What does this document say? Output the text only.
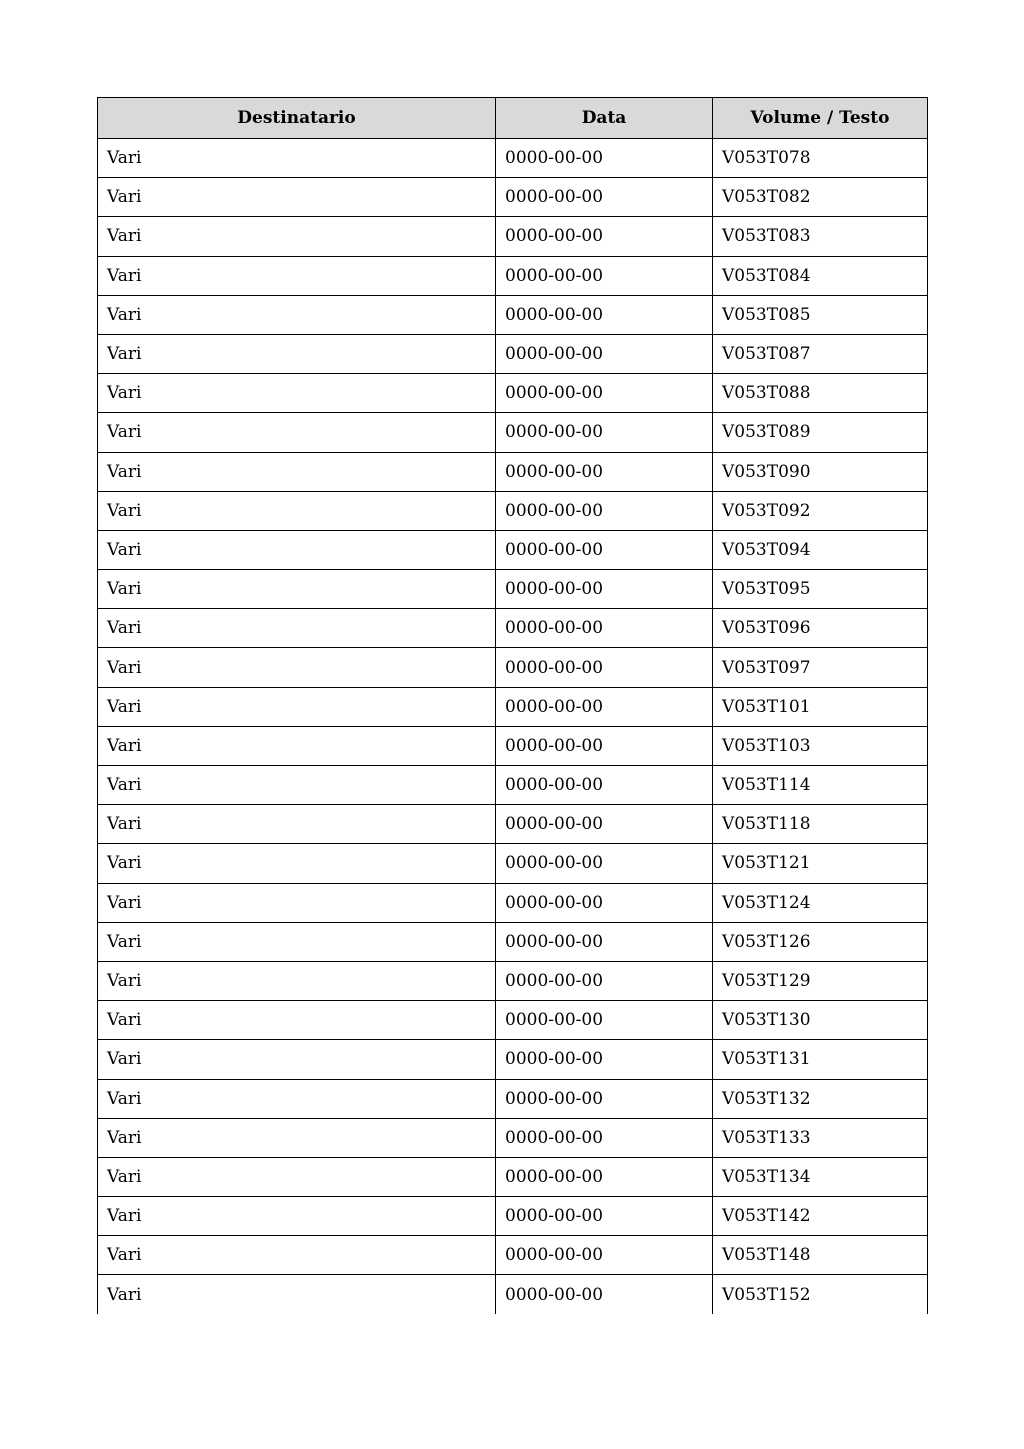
Destinatario	Data	Volume / Testo
Vari	0000-00-00	V053T078
Vari	0000-00-00	V053T082
Vari	0000-00-00	V053T083
Vari	0000-00-00	V053T084
Vari	0000-00-00	V053T085
Vari	0000-00-00	V053T087
Vari	0000-00-00	V053T088
Vari	0000-00-00	V053T089
Vari	0000-00-00	V053T090
Vari	0000-00-00	V053T092
Vari	0000-00-00	V053T094
Vari	0000-00-00	V053T095
Vari	0000-00-00	V053T096
Vari	0000-00-00	V053T097
Vari	0000-00-00	V053T101
Vari	0000-00-00	V053T103
Vari	0000-00-00	V053T114
Vari	0000-00-00	V053T118
Vari	0000-00-00	V053T121
Vari	0000-00-00	V053T124
Vari	0000-00-00	V053T126
Vari	0000-00-00	V053T129
Vari	0000-00-00	V053T130
Vari	0000-00-00	V053T131
Vari	0000-00-00	V053T132
Vari	0000-00-00	V053T133
Vari	0000-00-00	V053T134
Vari	0000-00-00	V053T142
Vari	0000-00-00	V053T148
Vari	0000-00-00	V053T152
